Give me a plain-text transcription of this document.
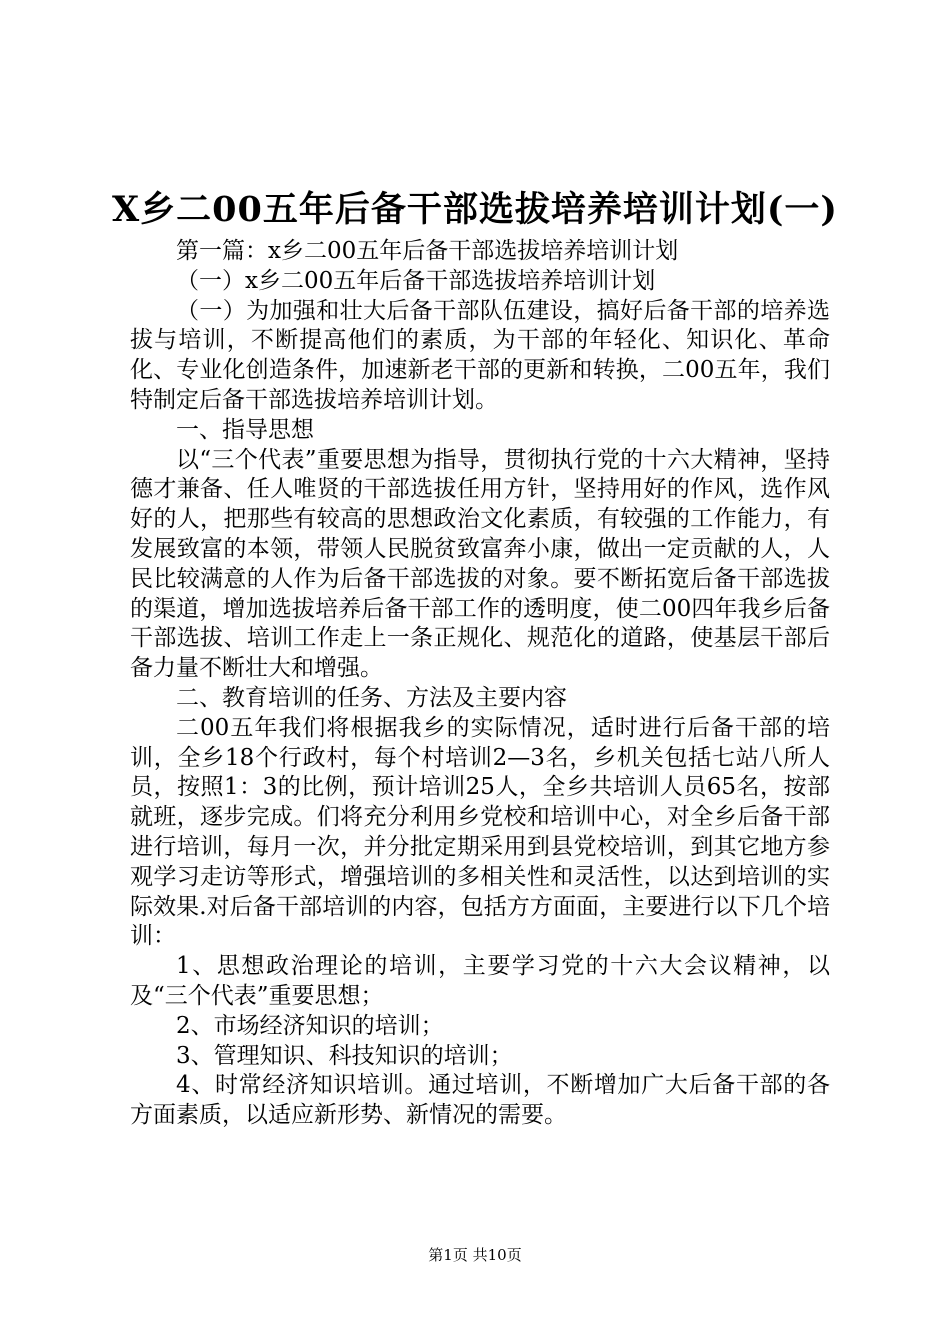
X乡二00五年后备干部选拔培养培训计划(一)

第一篇：x乡二00五年后备干部选拔培养培训计划

（一）x乡二00五年后备干部选拔培养培训计划

（一）为加强和壮大后备干部队伍建设，搞好后备干部的培养选拔与培训，不断提高他们的素质，为干部的年轻化、知识化、革命化、专业化创造条件，加速新老干部的更新和转换，二00五年，我们特制定后备干部选拔培养培训计划。

一、指导思想

以“三个代表”重要思想为指导，贯彻执行党的十六大精神，坚持德才兼备、任人唯贤的干部选拔任用方针，坚持用好的作风，选作风好的人，把那些有较高的思想政治文化素质，有较强的工作能力，有发展致富的本领，带领人民脱贫致富奔小康，做出一定贡献的人，人民比较满意的人作为后备干部选拔的对象。要不断拓宽后备干部选拔的渠道，增加选拔培养后备干部工作的透明度，使二00四年我乡后备干部选拔、培训工作走上一条正规化、规范化的道路，使基层干部后备力量不断壮大和增强。

二、教育培训的任务、方法及主要内容

二00五年我们将根据我乡的实际情况，适时进行后备干部的培训，全乡18个行政村，每个村培训2—3名，乡机关包括七站八所人员，按照1：3的比例，预计培训25人，全乡共培训人员65名，按部就班，逐步完成。们将充分利用乡党校和培训中心，对全乡后备干部进行培训，每月一次，并分批定期采用到县党校培训，到其它地方参观学习走访等形式，增强培训的多相关性和灵活性，以达到培训的实际效果.对后备干部培训的内容，包括方方面面，主要进行以下几个培训：

1、思想政治理论的培训，主要学习党的十六大会议精神，以及“三个代表”重要思想；

2、市场经济知识的培训；

3、管理知识、科技知识的培训；

4、时常经济知识培训。通过培训，不断增加广大后备干部的各方面素质，以适应新形势、新情况的需要。

第1页 共10页
